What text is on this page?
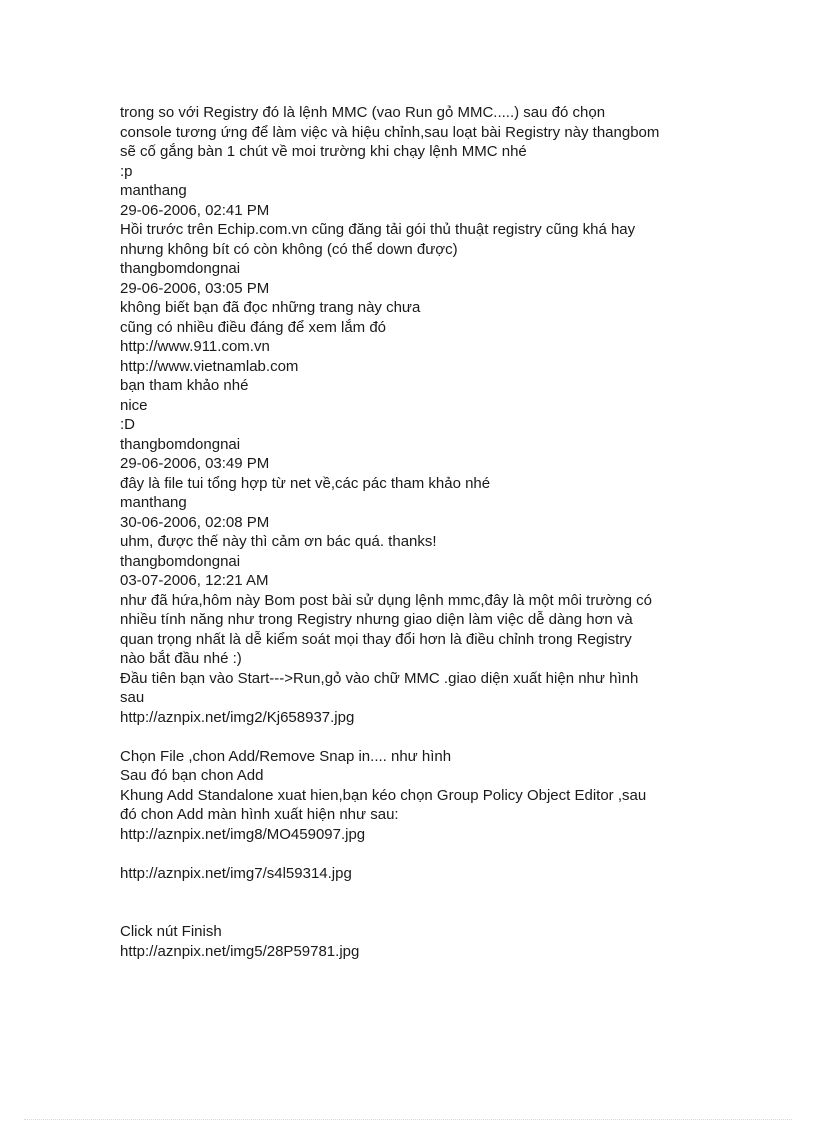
trong so với Registry đó là lệnh MMC (vao Run gỏ MMC.....) sau đó chọn
console tương ứng để làm việc và hiệu chỉnh,sau loạt bài Registry này thangbom
sẽ cố gắng bàn 1 chút về moi trường khi chạy lệnh MMC nhé
:p
manthang
29-06-2006, 02:41 PM
Hồi trước trên Echip.com.vn cũng đăng tải gói thủ thuật registry cũng khá hay
nhưng không bít có còn không (có thể down được)
thangbomdongnai
29-06-2006, 03:05 PM
không biết bạn đã đọc những trang này chưa
cũng có nhiều điều đáng để xem lắm đó
http://www.911.com.vn
http://www.vietnamlab.com
bạn tham khảo nhé
nice
:D
thangbomdongnai
29-06-2006, 03:49 PM
đây là file tui tổng hợp từ net về,các pác tham khảo nhé
manthang
30-06-2006, 02:08 PM
uhm, được thế này thì cảm ơn bác quá. thanks!
thangbomdongnai
03-07-2006, 12:21 AM
như đã hứa,hôm này Bom post bài sử dụng lệnh mmc,đây là một môi trường có
nhiều tính năng như trong Registry nhưng giao diện làm việc dễ dàng hơn và
quan trọng nhất là dễ kiểm soát mọi thay đổi hơn là điều chỉnh trong Registry
nào bắt đầu nhé :)
Đầu tiên bạn vào Start--->Run,gỏ vào chữ MMC .giao diện xuất hiện như hình
sau
http://aznpix.net/img2/Kj658937.jpg
Chọn File ,chon Add/Remove Snap in.... như hình
Sau đó bạn chon Add
Khung Add Standalone xuat hien,bạn kéo chọn Group Policy Object Editor ,sau
đó chon Add màn hình xuất hiện như sau:
http://aznpix.net/img8/MO459097.jpg
http://aznpix.net/img7/s4l59314.jpg
Click nút Finish
http://aznpix.net/img5/28P59781.jpg
